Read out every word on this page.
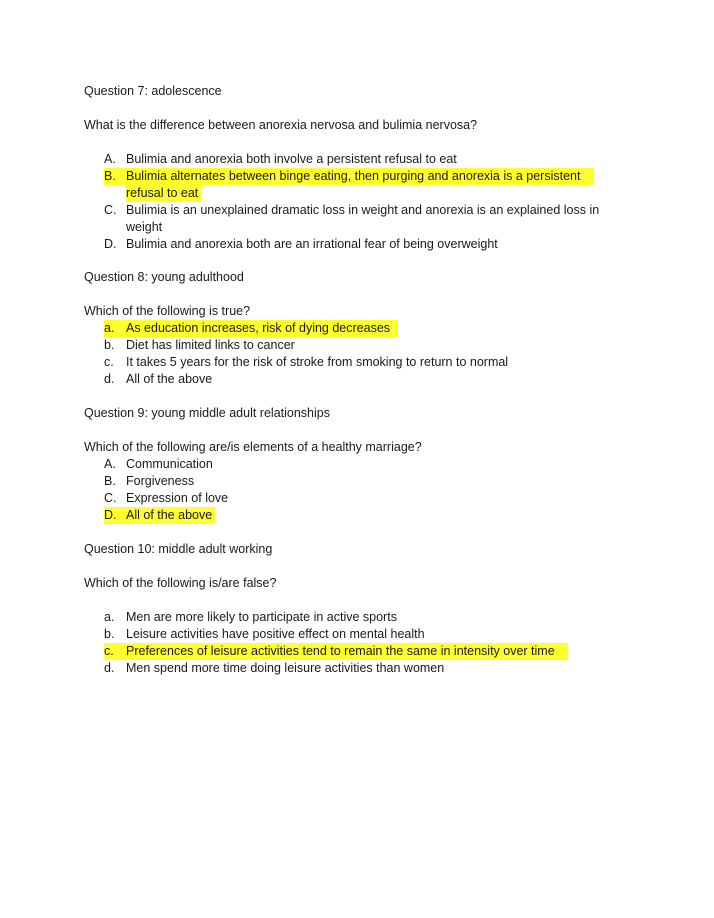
Question 7: adolescence
What is the difference between anorexia nervosa and bulimia nervosa?
A. Bulimia and anorexia both involve a persistent refusal to eat
B. Bulimia alternates between binge eating, then purging and anorexia is a persistent
refusal to eat
C. Bulimia is an unexplained dramatic loss in weight and anorexia is an explained loss in
weight
D. Bulimia and anorexia both are an irrational fear of being overweight
Question 8: young adulthood
Which of the following is true?
a. As education increases, risk of dying decreases
b. Diet has limited links to cancer
c. It takes 5 years for the risk of stroke from smoking to return to normal
d. All of the above
Question 9: young middle adult relationships
Which of the following are/is elements of a healthy marriage?
A. Communication
B. Forgiveness
C. Expression of love
D. All of the above
Question 10: middle adult working
Which of the following is/are false?
a. Men are more likely to participate in active sports
b. Leisure activities have positive effect on mental health
c. Preferences of leisure activities tend to remain the same in intensity over time
d. Men spend more time doing leisure activities than women
